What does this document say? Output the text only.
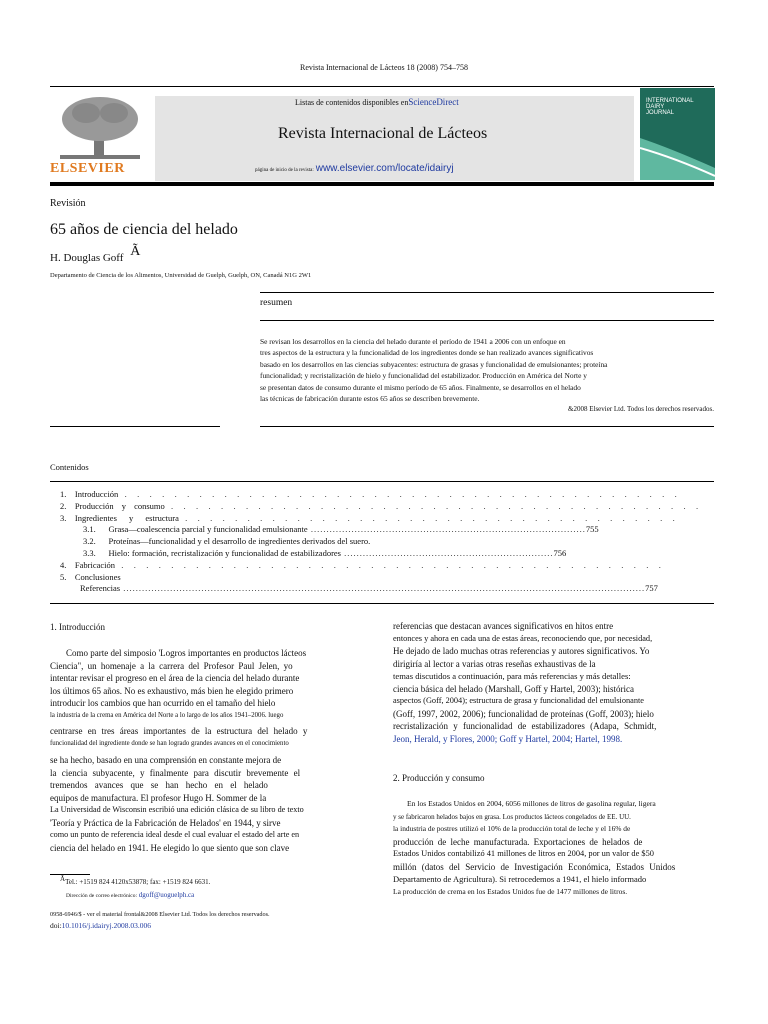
Revista Internacional de Lácteos 18 (2008) 754–758
ELSEVIER
Listas de contenidos disponibles enScienceDirect
Revista Internacional de Lácteos
página de inicio de la revista: www.elsevier.com/locate/idairyj
INTERNATIONAL
DAIRY
JOURNAL
Revisión
65 años de ciencia del helado
H. Douglas Goff Ã
Departamento de Ciencia de los Alimentos, Universidad de Guelph, Guelph, ON, Canadá N1G 2W1
resumen
Se revisan los desarrollos en la ciencia del helado durante el período de 1941 a 2006 con un enfoque en
tres aspectos de la estructura y la funcionalidad de los ingredientes donde se han realizado avances significativos
basado en los desarrollos en las ciencias subyacentes: estructura de grasas y funcionalidad de emulsionantes; proteína
funcionalidad; y recristalización de hielo y funcionalidad del estabilizador. Producción en América del Norte y
se presentan datos de consumo durante el mismo período de 65 años. Finalmente, se desarrollos en el helado
las técnicas de fabricación durante estos 65 años se describen brevemente.
&2008 Elsevier Ltd. Todos los derechos reservados.
Contenidos
1. Introducción  .   .   .   .   .   .   .   .   .   .   .   .   .   .   .   .   .   .   .   .   .   .   .   .   .   .   .   .   .   .   .   .   .   .   .   .   .   .   .   .   .   .   .   .   .
2. Producción y consumo  .   .   .   .   .   .   .   .   .   .   .   .   .   .   .   .   .   .   .   .   .   .   .   .   .   .   .   .   .   .   .   .   .   .   .   .   .   .   .   .   .   .   .
3. Ingredientes y estructura  .   .   .   .   .   .   .   .   .   .   .   .   .   .   .   .   .   .   .   .   .   .   .   .   .   .   .   .   .   .   .   .   .   .   .   .   .   .   .   .
3.1. Grasa—coalescencia parcial y funcionalidad emulsionante ........................................................................................755
3.2. Proteínas—funcionalidad y el desarrollo de ingredientes derivados del suero.
3.3. Hielo: formación, recristalización y funcionalidad de estabilizadores ...................................................................756
4. Fabricación  .   .   .   .   .   .   .   .   .   .   .   .   .   .   .   .   .   .   .   .   .   .   .   .   .   .   .   .   .   .   .   .   .   .   .   .   .   .   .   .   .   .   .   .
5. Conclusiones
Referencias .......................................................................................................................................................................757
1. Introducción
Como parte del simposio 'Logros importantes en productos lácteos
Ciencia", un homenaje a la carrera del Profesor Paul Jelen, yo
intentar revisar el progreso en el área de la ciencia del helado durante
los últimos 65 años. No es exhaustivo, más bien he elegido primero
introducir los cambios que han ocurrido en el tamaño del hielo
la industria de la crema en América del Norte a lo largo de los años 1941–2006. luego
centrarse en tres áreas importantes de la estructura del helado y
funcionalidad del ingrediente donde se han logrado grandes avances en el conocimiento
se ha hecho, basado en una comprensión en constante mejora de
la ciencia subyacente, y finalmente para discutir brevemente el
tremendos avances que se han hecho en el helado
equipos de manufactura. El profesor Hugo H. Sommer de la
La Universidad de Wisconsin escribió una edición clásica de su libro de texto
'Teoría y Práctica de la Fabricación de Helados' en 1944, y sirve
como un punto de referencia ideal desde el cual evaluar el estado del arte en
ciencia del helado en 1941. He elegido lo que siento que son clave
ÃTel.: +1519 824 4120x53878; fax: +1519 824 6631.
Dirección de correo electrónico: dgoff@uoguelph.ca
0958-6946/$ - ver el material frontal&2008 Elsevier Ltd. Todos los derechos reservados.
doi:10.1016/j.idairyj.2008.03.006
referencias que destacan avances significativos en hitos entre
entonces y ahora en cada una de estas áreas, reconociendo que, por necesidad,
He dejado de lado muchas otras referencias y autores significativos. Yo
dirigiría al lector a varias otras reseñas exhaustivas de la
temas discutidos a continuación, para más referencias y más detalles:
ciencia básica del helado (Marshall, Goff y Hartel, 2003); histórica
aspectos (Goff, 2004); estructura de grasa y funcionalidad del emulsionante
(Goff, 1997, 2002, 2006); funcionalidad de proteínas (Goff, 2003); hielo
recristalización y funcionalidad de estabilizadores (Adapa, Schmidt,
Jeon, Herald, y Flores, 2000; Goff y Hartel, 2004; Hartel, 1998.
2. Producción y consumo
En los Estados Unidos en 2004, 6056 millones de litros de gasolina regular, ligera
y se fabricaron helados bajos en grasa. Los productos lácteos congelados de EE. UU.
la industria de postres utilizó el 10% de la producción total de leche y el 16% de
producción de leche manufacturada. Exportaciones de helados de
Estados Unidos contabilizó 41 millones de litros en 2004, por un valor de $50
millón (datos del Servicio de Investigación Económica, Estados Unidos
Departamento de Agricultura). Si retrocedemos a 1941, el hielo informado
La producción de crema en los Estados Unidos fue de 1477 millones de litros.
